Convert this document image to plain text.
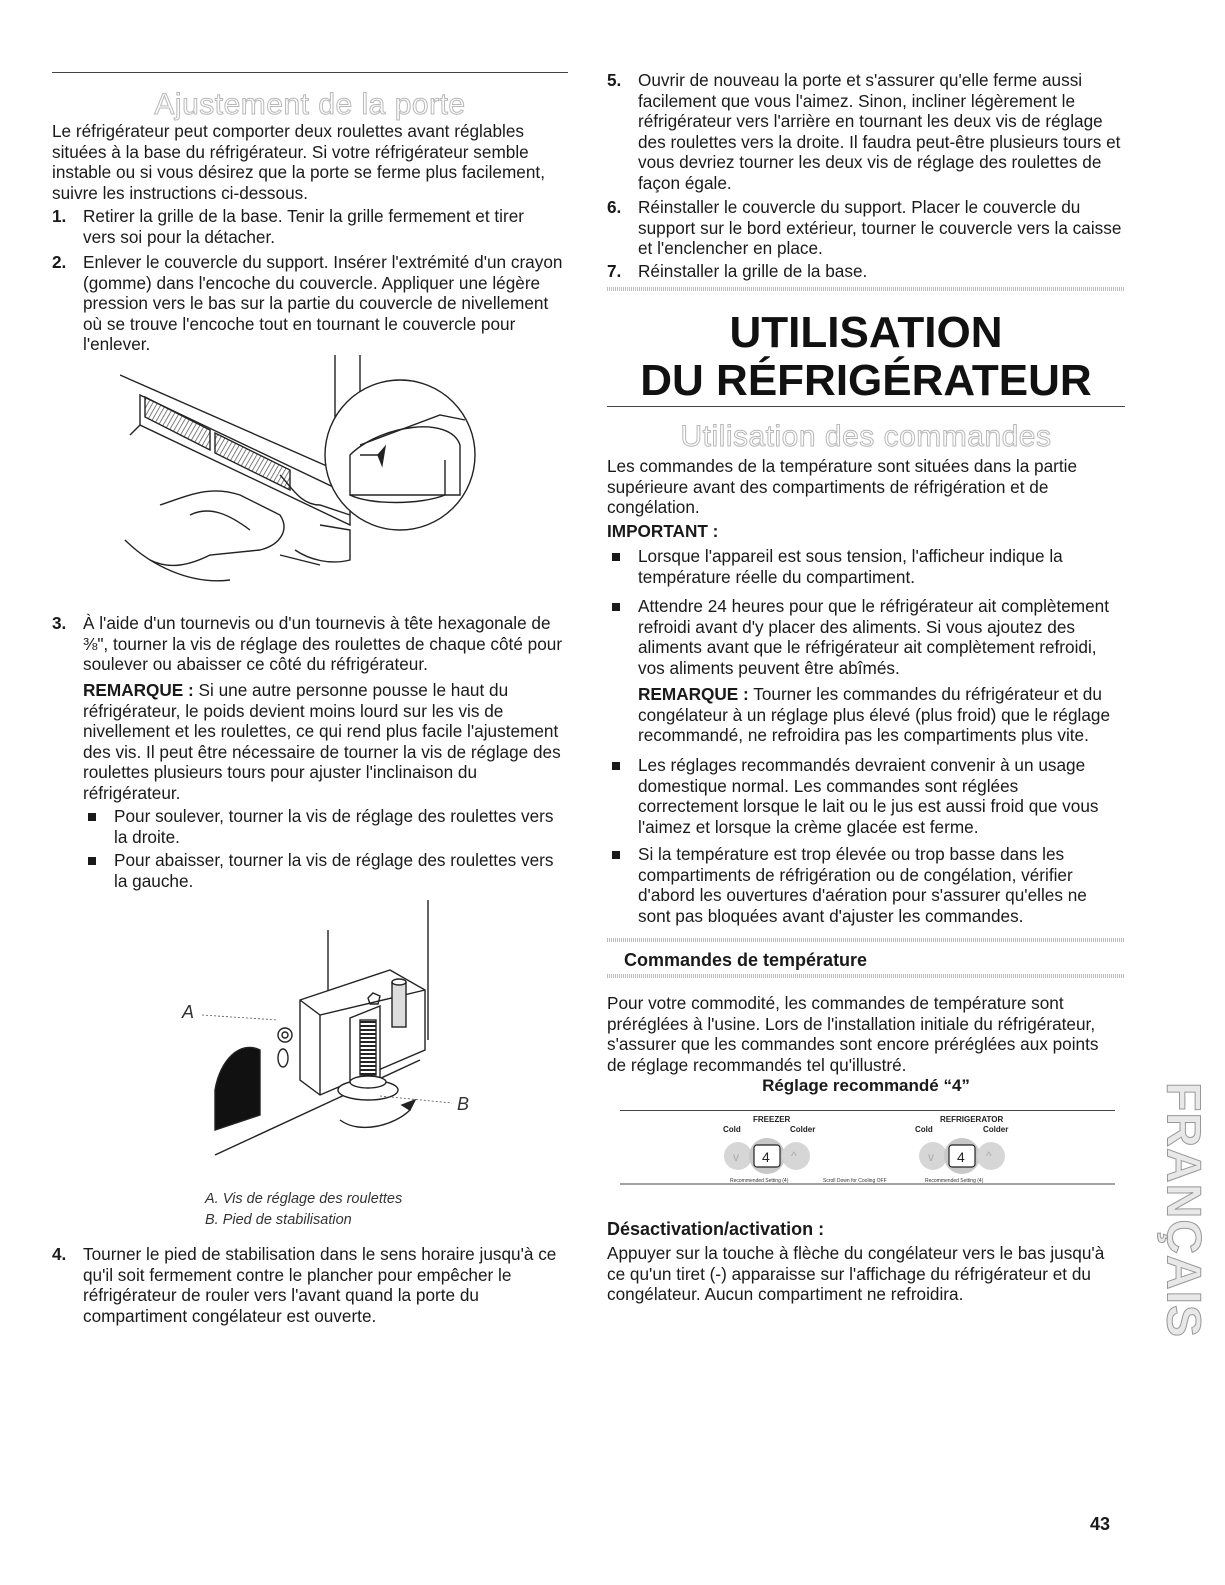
Ajustement de la porte

Le réfrigérateur peut comporter deux roulettes avant réglables situées à la base du réfrigérateur. Si votre réfrigérateur semble instable ou si vous désirez que la porte se ferme plus facilement, suivre les instructions ci-dessous.

1. Retirer la grille de la base. Tenir la grille fermement et tirer vers soi pour la détacher.

2. Enlever le couvercle du support. Insérer l'extrémité d'un crayon (gomme) dans l'encoche du couvercle. Appliquer une légère pression vers le bas sur la partie du couvercle de nivellement où se trouve l'encoche tout en tournant le couvercle pour l'enlever.

3. À l'aide d'un tournevis ou d'un tournevis à tête hexagonale de ⅜", tourner la vis de réglage des roulettes de chaque côté pour soulever ou abaisser ce côté du réfrigérateur.

REMARQUE : Si une autre personne pousse le haut du réfrigérateur, le poids devient moins lourd sur les vis de nivellement et les roulettes, ce qui rend plus facile l'ajustement des vis. Il peut être nécessaire de tourner la vis de réglage des roulettes plusieurs tours pour ajuster l'inclinaison du réfrigérateur.

Pour soulever, tourner la vis de réglage des roulettes vers la droite.

Pour abaisser, tourner la vis de réglage des roulettes vers la gauche.

A
B
A. Vis de réglage des roulettes
B. Pied de stabilisation
4. Tourner le pied de stabilisation dans le sens horaire jusqu'à ce qu'il soit fermement contre le plancher pour empêcher le réfrigérateur de rouler vers l'avant quand la porte du compartiment congélateur est ouverte.

5. Ouvrir de nouveau la porte et s'assurer qu'elle ferme aussi facilement que vous l'aimez. Sinon, incliner légèrement le réfrigérateur vers l'arrière en tournant les deux vis de réglage des roulettes vers la droite. Il faudra peut-être plusieurs tours et vous devriez tourner les deux vis de réglage des roulettes de façon égale.

6. Réinstaller le couvercle du support. Placer le couvercle du support sur le bord extérieur, tourner le couvercle vers la caisse et l'enclencher en place.

7. Réinstaller la grille de la base.

UTILISATION
DU RÉFRIGÉRATEUR
Utilisation des commandes

Les commandes de la température sont situées dans la partie supérieure avant des compartiments de réfrigération et de congélation.

IMPORTANT :

Lorsque l'appareil est sous tension, l'afficheur indique la température réelle du compartiment.

Attendre 24 heures pour que le réfrigérateur ait complètement refroidi avant d'y placer des aliments. Si vous ajoutez des aliments avant que le réfrigérateur ait complètement refroidi, vos aliments peuvent être abîmés.

REMARQUE : Tourner les commandes du réfrigérateur et du congélateur à un réglage plus élevé (plus froid) que le réglage recommandé, ne refroidira pas les compartiments plus vite.

Les réglages recommandés devraient convenir à un usage domestique normal. Les commandes sont réglées correctement lorsque le lait ou le jus est aussi froid que vous l'aimez et lorsque la crème glacée est ferme.

Si la température est trop élevée ou trop basse dans les compartiments de réfrigération ou de congélation, vérifier d'abord les ouvertures d'aération pour s'assurer qu'elles ne sont pas bloquées avant d'ajuster les commandes.

Commandes de température

Pour votre commodité, les commandes de température sont préréglées à l'usine. Lors de l'installation initiale du réfrigérateur, s'assurer que les commandes sont encore préréglées aux points de réglage recommandés tel qu'illustré.

Réglage recommandé “4”
FREEZER
Cold	Colder
REFRIGERATOR
Cold	Colder
v 4 ^	v 4 ^
Recommended Setting (4)	Scroll Down for Cooling OFF	Recommended Setting (4)
Désactivation/activation :

Appuyer sur la touche à flèche du congélateur vers le bas jusqu'à ce qu'un tiret (-) apparaisse sur l'affichage du réfrigérateur et du congélateur. Aucun compartiment ne refroidira.	FRANÇAIS
43
